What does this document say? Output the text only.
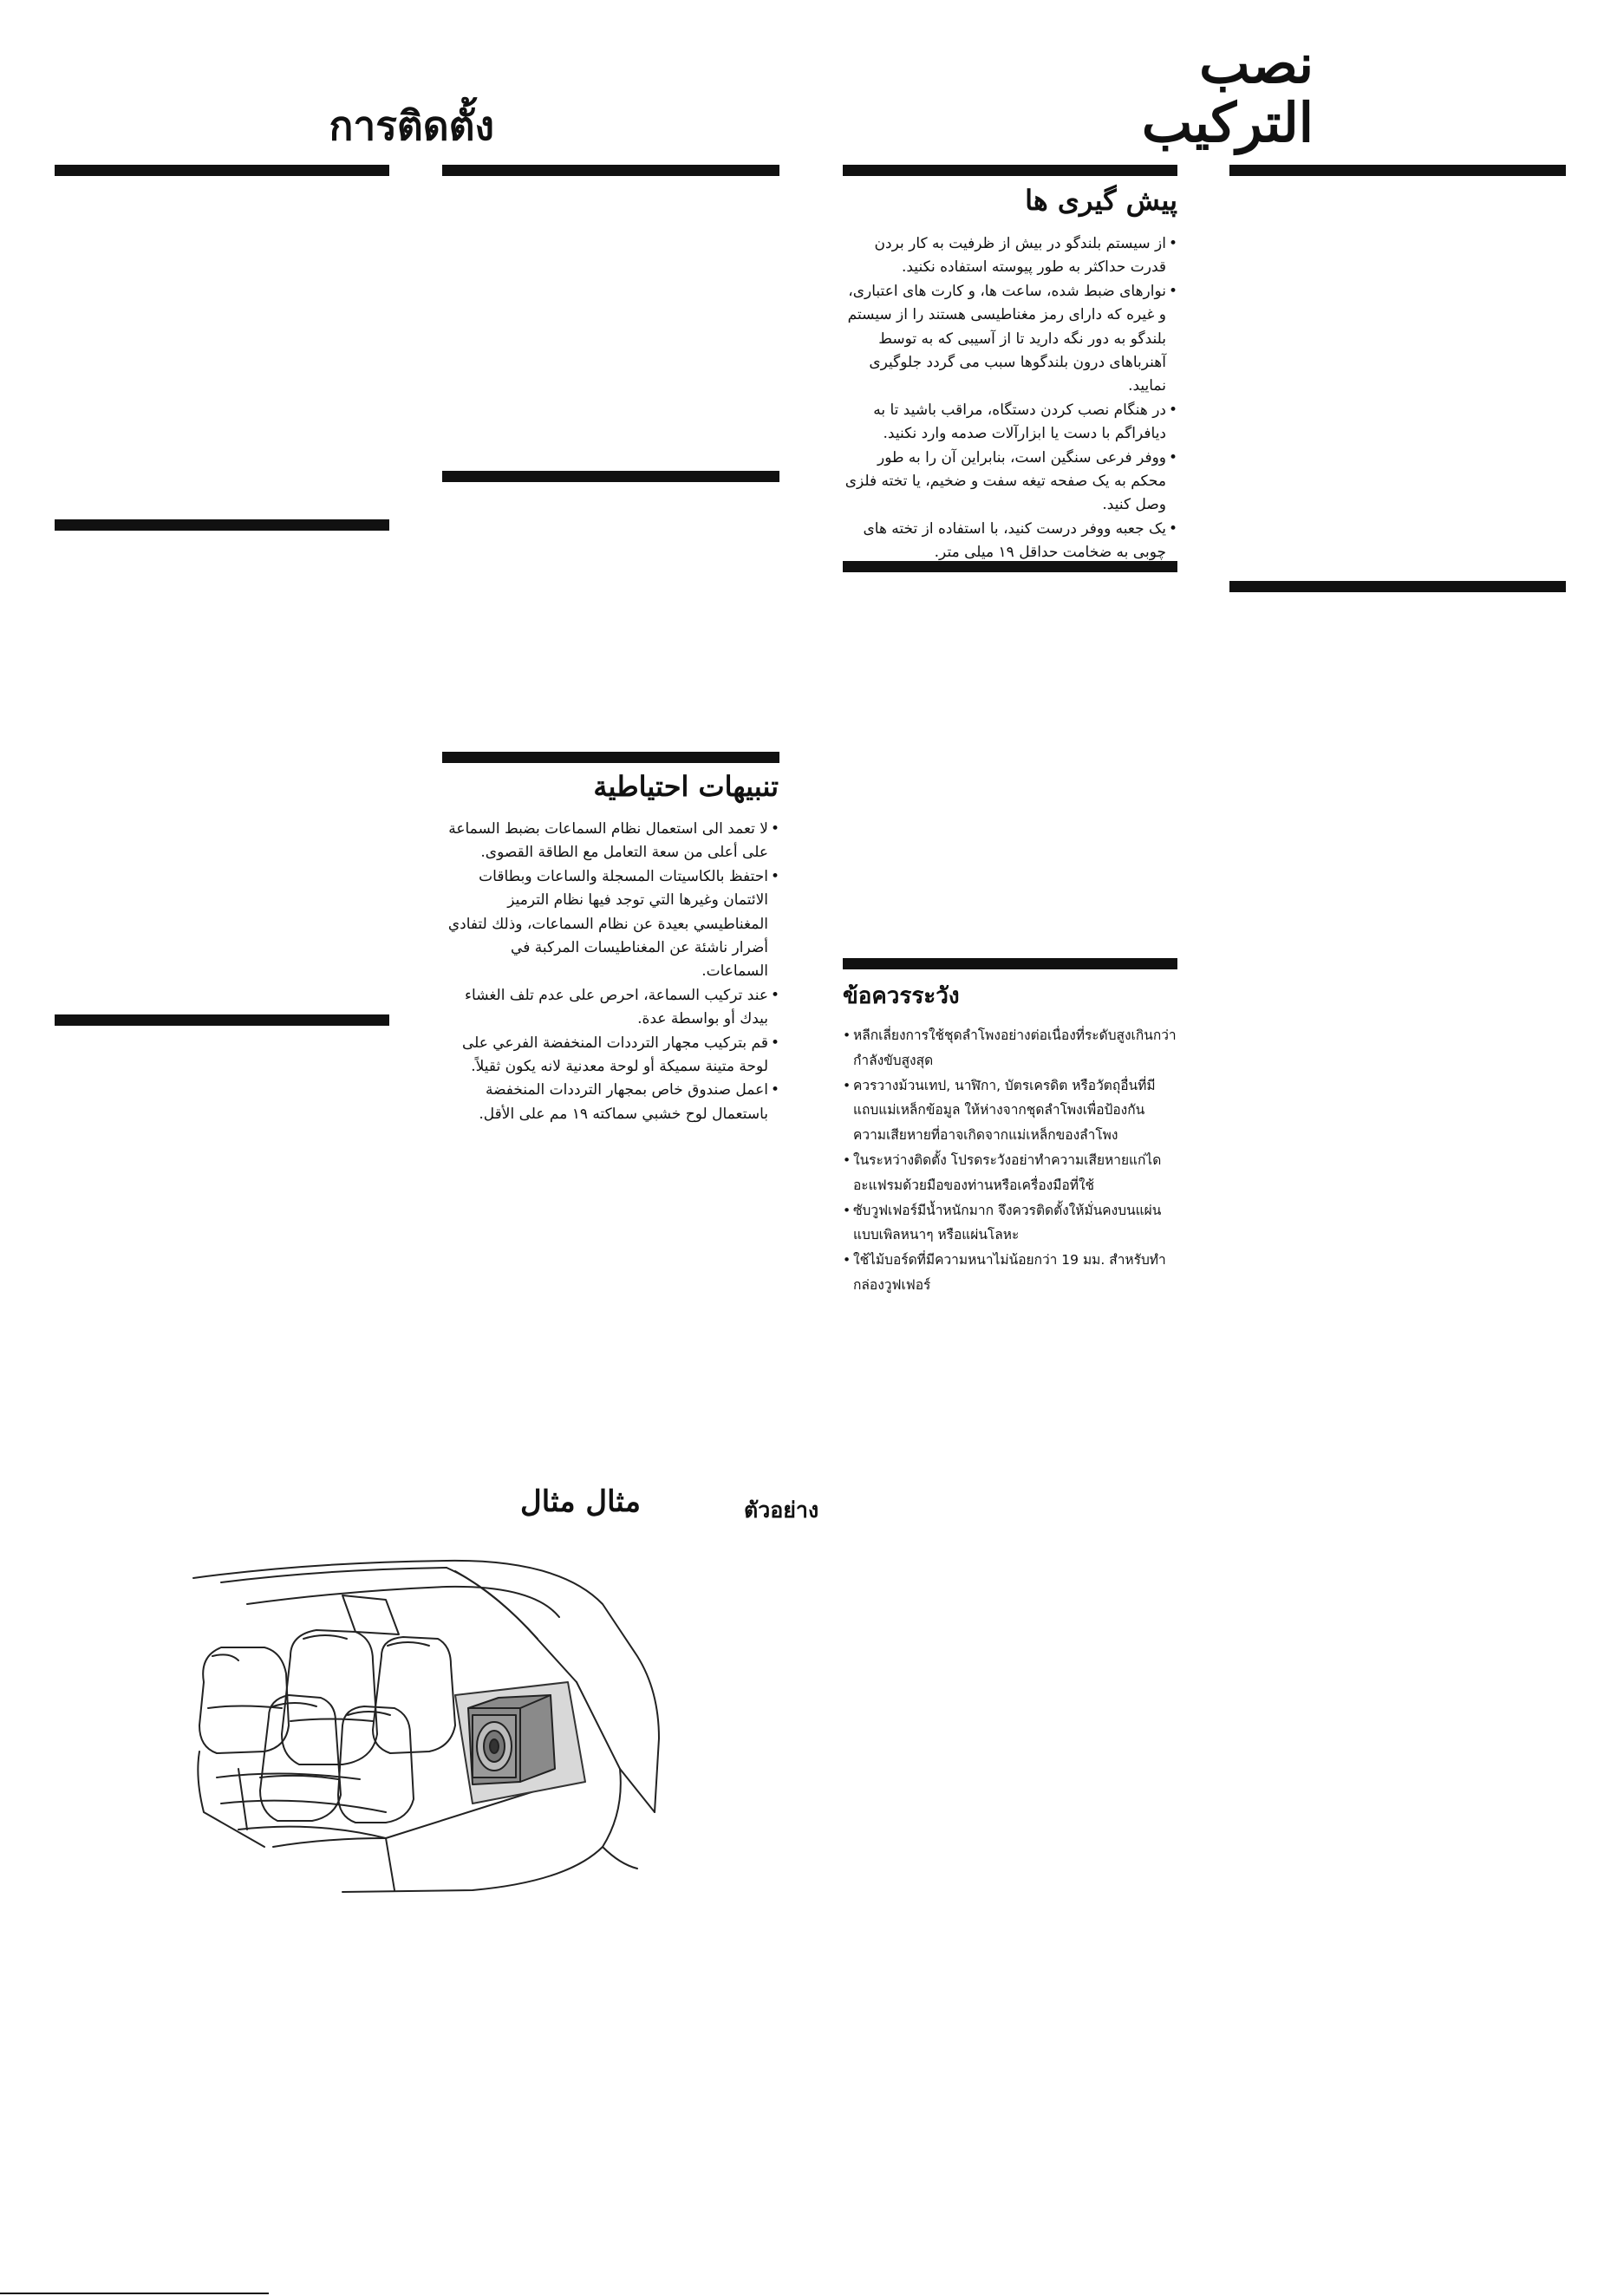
نصب التركيب
การติดตั้ง
پیش گیری ها
• از سیستم بلندگو در بیش از ظرفیت به کار بردن قدرت حداکثر به طور پیوسته استفاده نکنید.
• نوارهای ضبط شده، ساعت ها، و کارت های اعتباری، و غیره که دارای رمز مغناطیسی هستند را از سیستم بلندگو به دور نگه دارید تا از آسیبی که به توسط آهنرباهای درون بلندگوها سبب می گردد جلوگیری نمایید.
• در هنگام نصب کردن دستگاه، مراقب باشید تا به دیافراگم با دست یا ابزارآلات صدمه وارد نکنید.
• ووفر فرعی سنگین است، بنابراین آن را به طور محکم به یک صفحه تیغه سفت و ضخیم، یا تخته فلزی وصل کنید.
• یک جعبه ووفر درست کنید، با استفاده از تخته های چوبی به ضخامت حداقل ۱۹ میلی متر.
تنبيهات احتياطية
• لا تعمد الى استعمال نظام السماعات بضبط السماعة على أعلى من سعة التعامل مع الطاقة القصوى.
• احتفظ بالكاسيتات المسجلة والساعات وبطاقات الائتمان وغيرها التي توجد فيها نظام الترميز المغناطيسي بعيدة عن نظام السماعات، وذلك لتفادي أضرار ناشئة عن المغناطيسات المركبة في السماعات.
• عند تركيب السماعة، احرص على عدم تلف الغشاء بيدك أو بواسطة عدة.
• قم بتركيب مجهار الترددات المنخفضة الفرعي على لوحة متينة سميكة أو لوحة معدنية لانه يكون ثقيلاً.
• اعمل صندوق خاص بمجهار الترددات المنخفضة باستعمال لوح خشبي سماكته ١٩ مم على الأقل.
ข้อควรระวัง
• หลีกเลี่ยงการใช้ชุดลำโพงอย่างต่อเนื่องที่ระดับสูงเกินกว่ากำลังขับสูงสุด
• ควรวางม้วนเทป, นาฬิกา, บัตรเครดิต หรือวัตถุอื่นที่มีแถบแม่เหล็กข้อมูล ให้ห่างจากชุดลำโพงเพื่อป้องกันความเสียหายที่อาจเกิดจากแม่เหล็กของลำโพง
• ในระหว่างติดตั้ง โปรดระวังอย่าทำความเสียหายแก่ไดอะแฟรมด้วยมือของท่านหรือเครื่องมือที่ใช้
• ซับวูฟเฟอร์มีน้ำหนักมาก จึงควรติดตั้งให้มั่นคงบนแผ่นแบบเพิลหนาๆ หรือแผ่นโลหะ
• ใช้ไม้บอร์ดที่มีความหนาไม่น้อยกว่า 19 มม. สำหรับทำกล่องวูฟเฟอร์
مثال مثال	ตัวอย่าง
